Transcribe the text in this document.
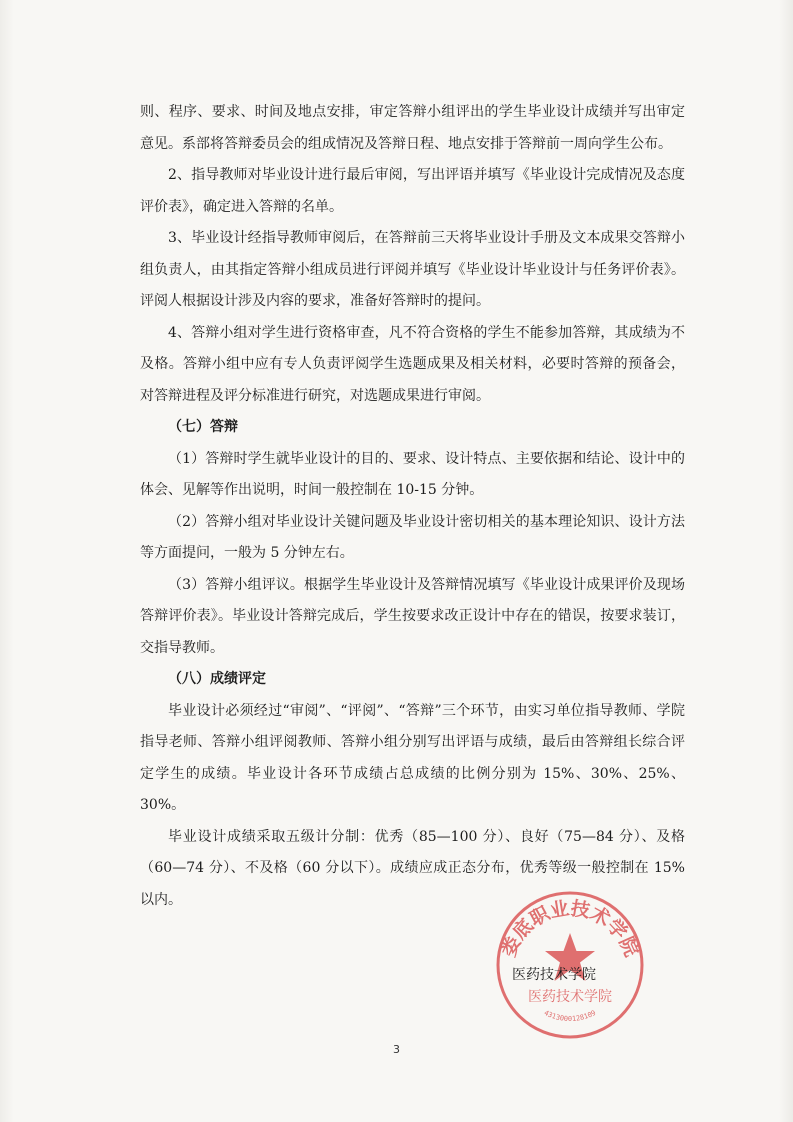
则、程序、要求、时间及地点安排，审定答辩小组评出的学生毕业设计成绩并写出审定意见。系部将答辩委员会的组成情况及答辩日程、地点安排于答辩前一周向学生公布。

2、指导教师对毕业设计进行最后审阅，写出评语并填写《毕业设计完成情况及态度评价表》，确定进入答辩的名单。

3、毕业设计经指导教师审阅后，在答辩前三天将毕业设计手册及文本成果交答辩小组负责人，由其指定答辩小组成员进行评阅并填写《毕业设计毕业设计与任务评价表》。评阅人根据设计涉及内容的要求，准备好答辩时的提问。

4、答辩小组对学生进行资格审查，凡不符合资格的学生不能参加答辩，其成绩为不及格。答辩小组中应有专人负责评阅学生选题成果及相关材料，必要时答辩的预备会，对答辩进程及评分标准进行研究，对选题成果进行审阅。

（七）答辩

（1）答辩时学生就毕业设计的目的、要求、设计特点、主要依据和结论、设计中的体会、见解等作出说明，时间一般控制在 10-15 分钟。

（2）答辩小组对毕业设计关键问题及毕业设计密切相关的基本理论知识、设计方法等方面提问，一般为 5 分钟左右。

（3）答辩小组评议。根据学生毕业设计及答辩情况填写《毕业设计成果评价及现场答辩评价表》。毕业设计答辩完成后，学生按要求改正设计中存在的错误，按要求装订，交指导教师。

（八）成绩评定

毕业设计必须经过“审阅”、“评阅”、“答辩”三个环节，由实习单位指导教师、学院指导老师、答辩小组评阅教师、答辩小组分别写出评语与成绩，最后由答辩组长综合评定学生的成绩。毕业设计各环节成绩占总成绩的比例分别为 15%、30%、25%、30%。

毕业设计成绩采取五级计分制：优秀（85—100 分）、良好（75—84 分）、及格（60—74 分）、不及格（60 分以下）。成绩应成正态分布，优秀等级一般控制在 15%以内。

娄底职业技术学院
医药技术学院
4313000128109
医药技术学院
3
